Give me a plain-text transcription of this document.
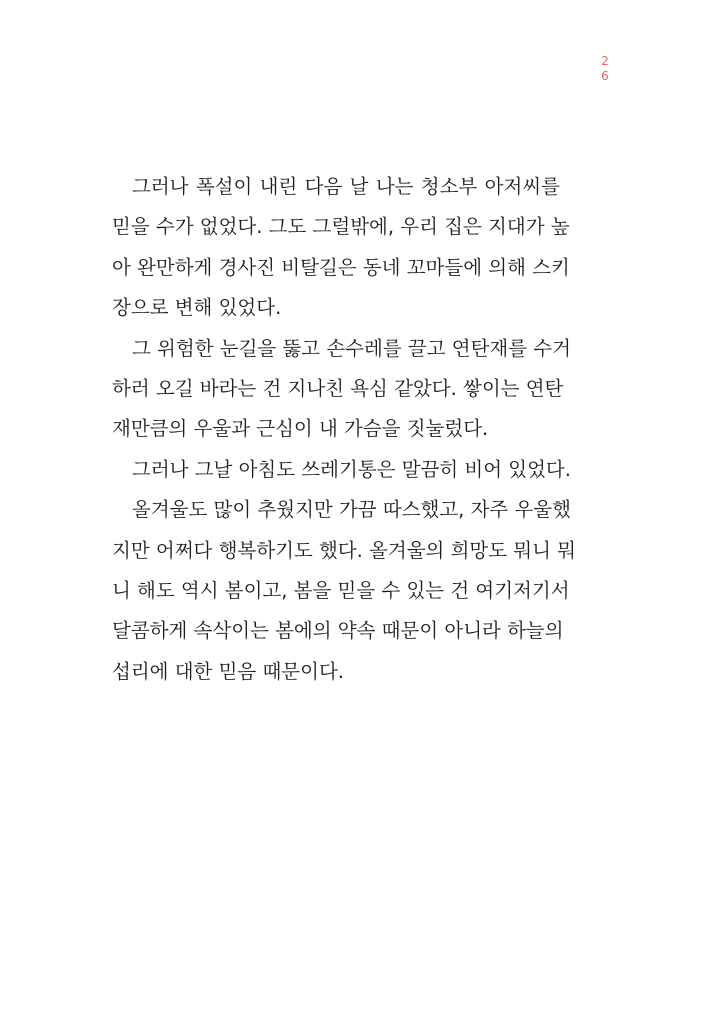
2
6
그러나 폭설이 내린 다음 날 나는 청소부 아저씨를
믿을 수가 없었다. 그도 그럴밖에, 우리 집은 지대가 높
아 완만하게 경사진 비탈길은 동네 꼬마들에 의해 스키
장으로 변해 있었다.
그 위험한 눈길을 뚫고 손수레를 끌고 연탄재를 수거
하러 오길 바라는 건 지나친 욕심 같았다. 쌓이는 연탄
재만큼의 우울과 근심이 내 가슴을 짓눌렀다.
그러나 그날 아침도 쓰레기통은 말끔히 비어 있었다.
올겨울도 많이 추웠지만 가끔 따스했고, 자주 우울했
지만 어쩌다 행복하기도 했다. 올겨울의 희망도 뭐니 뭐
니 해도 역시 봄이고, 봄을 믿을 수 있는 건 여기저기서
달콤하게 속삭이는 봄에의 약속 때문이 아니라 하늘의
섭리에 대한 믿음 때문이다.
